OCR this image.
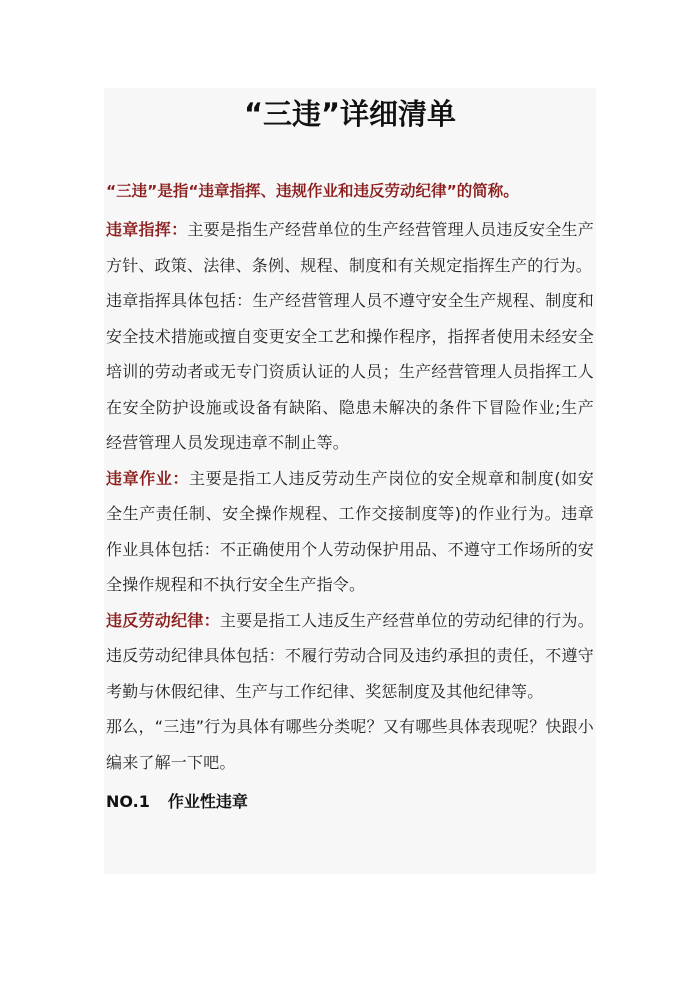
“三违”详细清单

“三违”是指“违章指挥、违规作业和违反劳动纪律”的简称。

违章指挥：主要是指生产经营单位的生产经营管理人员违反安全生产方针、政策、法律、条例、规程、制度和有关规定指挥生产的行为。

违章指挥具体包括：生产经营管理人员不遵守安全生产规程、制度和安全技术措施或擅自变更安全工艺和操作程序，指挥者使用未经安全培训的劳动者或无专门资质认证的人员；生产经营管理人员指挥工人在安全防护设施或设备有缺陷、隐患未解决的条件下冒险作业;生产经营管理人员发现违章不制止等。

违章作业：主要是指工人违反劳动生产岗位的安全规章和制度(如安全生产责任制、安全操作规程、工作交接制度等)的作业行为。违章作业具体包括：不正确使用个人劳动保护用品、不遵守工作场所的安全操作规程和不执行安全生产指令。

违反劳动纪律：主要是指工人违反生产经营单位的劳动纪律的行为。违反劳动纪律具体包括：不履行劳动合同及违约承担的责任，不遵守考勤与休假纪律、生产与工作纪律、奖惩制度及其他纪律等。

那么，“三违”行为具体有哪些分类呢？又有哪些具体表现呢？快跟小编来了解一下吧。

NO.1 作业性违章
